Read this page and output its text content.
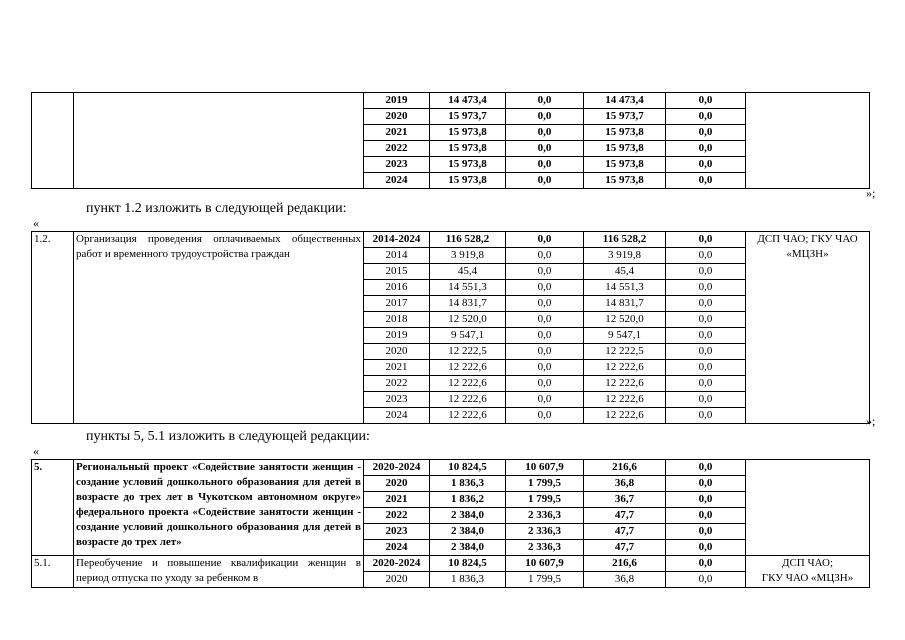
		2019	14 473,4	0,0	14 473,4	0,0	
		2020	15 973,7	0,0	15 973,7	0,0	
		2021	15 973,8	0,0	15 973,8	0,0	
		2022	15 973,8	0,0	15 973,8	0,0	
		2023	15 973,8	0,0	15 973,8	0,0	
		2024	15 973,8	0,0	15 973,8	0,0	
»;
пункт 1.2 изложить в следующей редакции:
«
1.2.	Организация проведения оплачиваемых общественных работ и временного трудоустройства граждан	2014-2024	116 528,2	0,0	116 528,2	0,0	ДСП ЧАО; ГКУ ЧАО «МЦЗН»
		2014	3 919,8	0,0	3 919,8	0,0	
		2015	45,4	0,0	45,4	0,0	
		2016	14 551,3	0,0	14 551,3	0,0	
		2017	14 831,7	0,0	14 831,7	0,0	
		2018	12 520,0	0,0	12 520,0	0,0	
		2019	9 547,1	0,0	9 547,1	0,0	
		2020	12 222,5	0,0	12 222,5	0,0	
		2021	12 222,6	0,0	12 222,6	0,0	
		2022	12 222,6	0,0	12 222,6	0,0	
		2023	12 222,6	0,0	12 222,6	0,0	
		2024	12 222,6	0,0	12 222,6	0,0		»;
пункты 5, 5.1 изложить в следующей редакции:
«
5.	Региональный проект «Содействие занятости женщин - создание условий дошкольного образования для детей в возрасте до трех лет в Чукотском автономном округе» федерального проекта «Содействие занятости женщин - создание условий дошкольного образования для детей в возрасте до трех лет»	2020-2024	10 824,5	10 607,9	216,6	0,0	
		2020	1 836,3	1 799,5	36,8	0,0	
		2021	1 836,2	1 799,5	36,7	0,0	
		2022	2 384,0	2 336,3	47,7	0,0	
		2023	2 384,0	2 336,3	47,7	0,0	
		2024	2 384,0	2 336,3	47,7	0,0	
5.1.	Переобучение и повышение квалификации женщин в период отпуска по уходу за ребенком в	2020-2024	10 824,5	10 607,9	216,6	0,0	ДСП ЧАО;
ГКУ ЧАО «МЦЗН»

		2020	1 836,3	1 799,5	36,8	0,0	
